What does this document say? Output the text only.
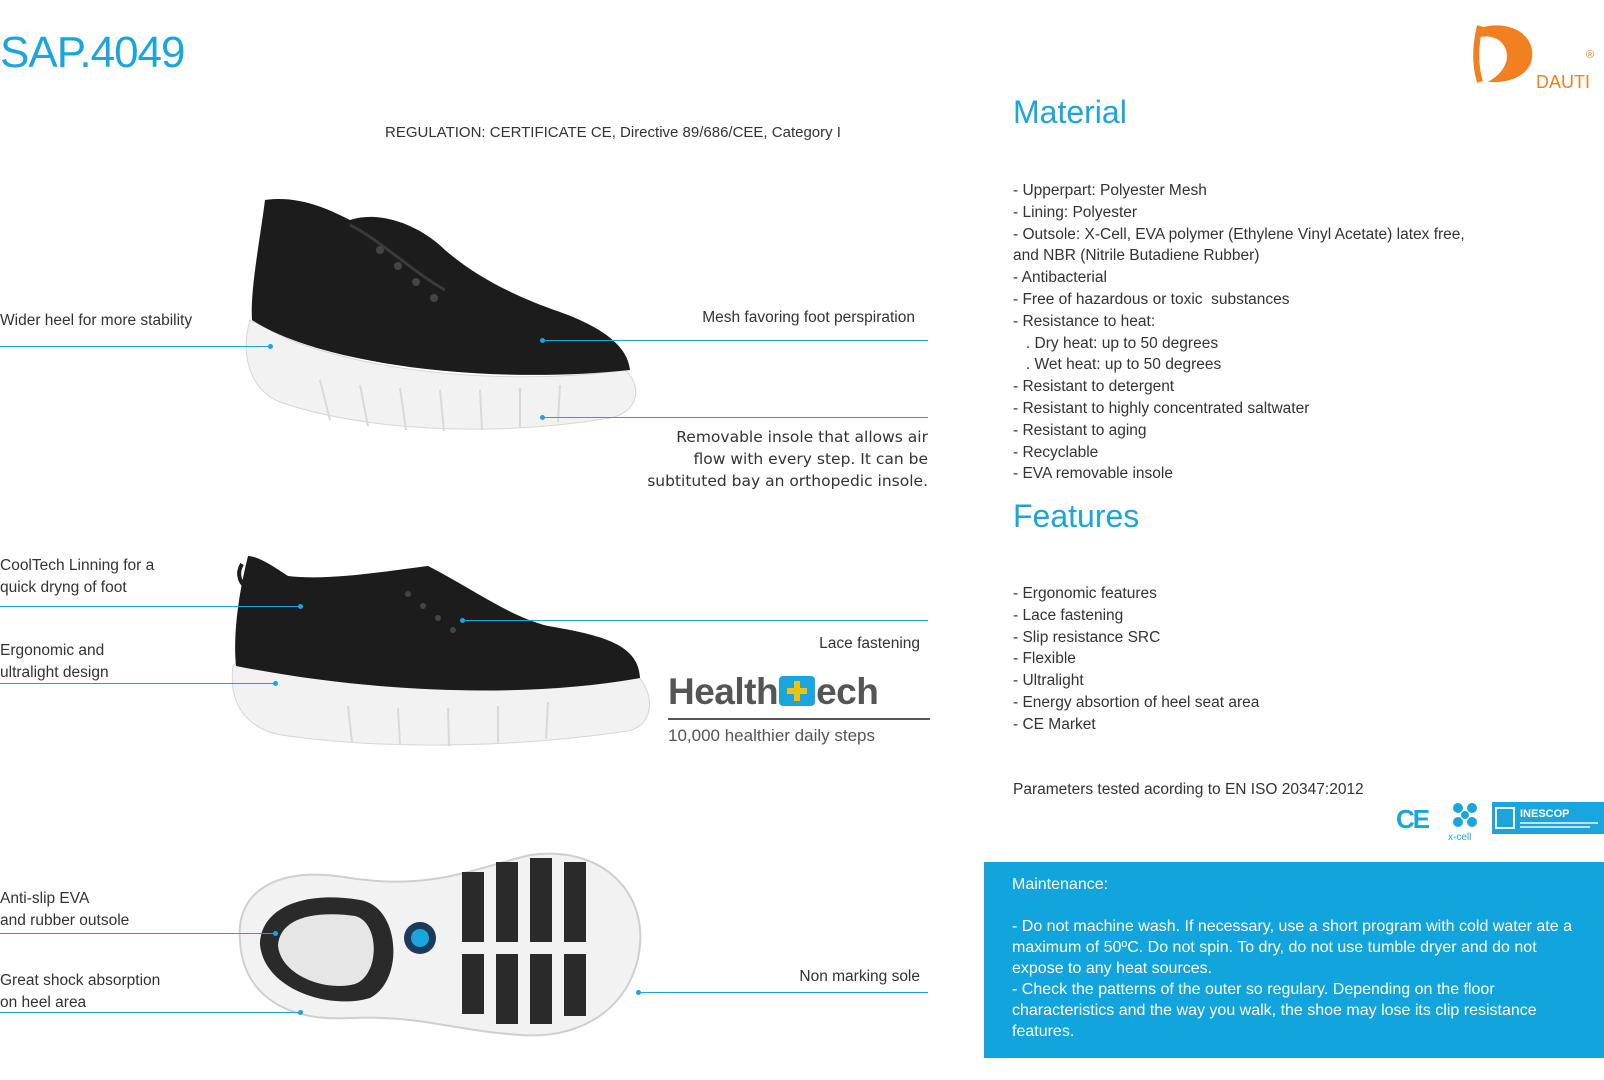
SAP.4049
REGULATION: CERTIFICATE CE, Directive 89/686/CEE, Category I
DAUTI
®
Wider heel for more stability
CoolTech Linning for a
quick dryng of foot
Ergonomic and
ultralight design
Anti-slip EVA
and rubber outsole
Great shock absorption
on heel area
Mesh favoring foot perspiration
Removable insole that allows air
flow with every step. It can be
subtituted bay an orthopedic insole.
Lace fastening
Non marking sole
Health ech
10,000 healthier daily steps
Material
- Upperpart: Polyester Mesh
- Lining: Polyester
- Outsole: X-Cell, EVA polymer (Ethylene Vinyl Acetate) latex free,
and NBR (Nitrile Butadiene Rubber)
- Antibacterial
- Free of hazardous or toxic  substances
- Resistance to heat:
. Dry heat: up to 50 degrees
. Wet heat: up to 50 degrees
- Resistant to detergent
- Resistant to highly concentrated saltwater
- Resistant to aging
- Recyclable
- EVA removable insole
Features
- Ergonomic features
- Lace fastening
- Slip resistance SRC
- Flexible
- Ultralight
- Energy absortion of heel seat area
- CE Market
Parameters tested acording to EN ISO 20347:2012
CE
x-cell
INESCOP
Maintenance:
- Do not machine wash. If necessary, use a short program with cold water ate a maximum of 50ºC. Do not spin. To dry, do not use tumble dryer and do not expose to any heat sources.
- Check the patterns of the outer so regulary. Depending on the floor characteristics and the way you walk, the shoe may lose its clip resistance features.
